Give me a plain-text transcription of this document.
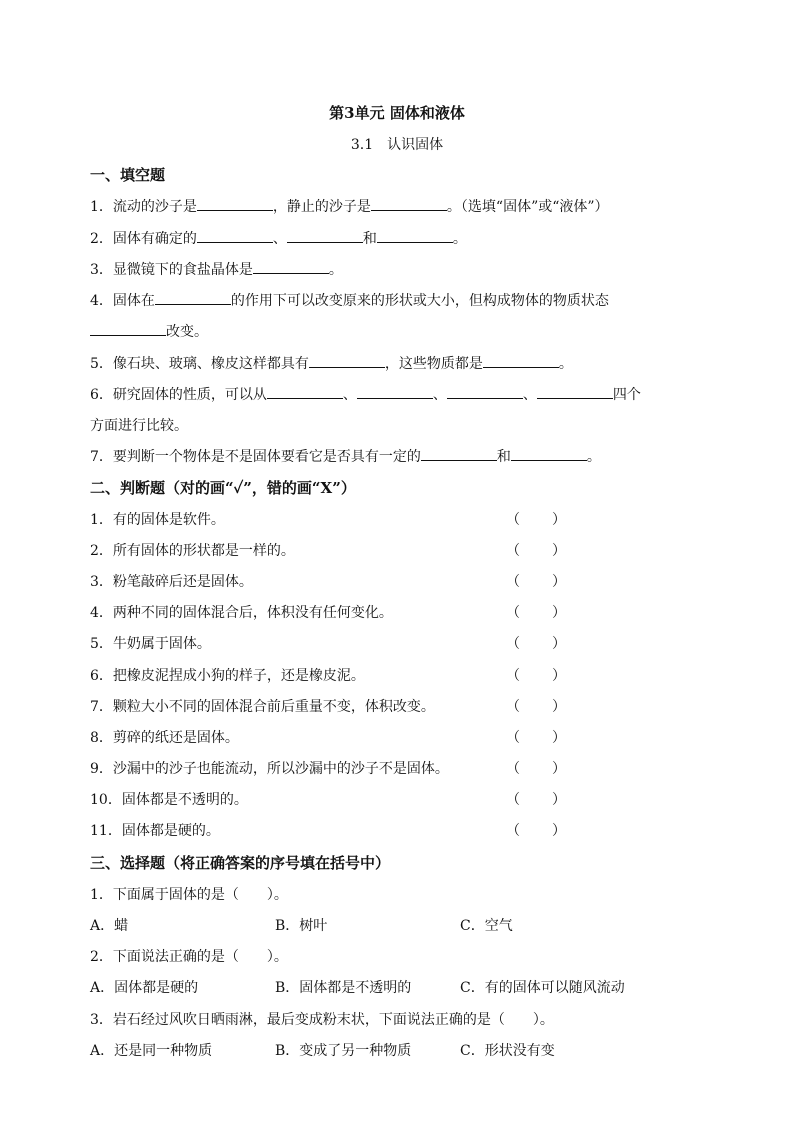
第3单元 固体和液体
3.1　认识固体
一、填空题
1．流动的沙子是	，静止的沙子是	。（选填“固体”或“液体”）
2．固体有确定的	、	和	。
3．显微镜下的食盐晶体是	。
4．固体在	的作用下可以改变原来的形状或大小，但构成物体的物质状态
改变。
5．像石块、玻璃、橡皮这样都具有	，这些物质都是	。
6．研究固体的性质，可以从	、	、	、	四个
方面进行比较。
7．要判断一个物体是不是固体要看它是否具有一定的	和	。
二、判断题（对的画“✓”，错的画“X”）
1．有的固体是软件。	（ ）
2．所有固体的形状都是一样的。	（ ）
3．粉笔敲碎后还是固体。	（ ）
4．两种不同的固体混合后，体积没有任何变化。	（ ）
5．牛奶属于固体。	（ ）
6．把橡皮泥捏成小狗的样子，还是橡皮泥。	（ ）
7．颗粒大小不同的固体混合前后重量不变，体积改变。	（ ）
8．剪碎的纸还是固体。	（ ）
9．沙漏中的沙子也能流动，所以沙漏中的沙子不是固体。	（ ）
10．固体都是不透明的。	（ ）
11．固体都是硬的。	（ ）
三、选择题（将正确答案的序号填在括号中）
1．下面属于固体的是（　　）。
A．蜡	B．树叶	C．空气
2．下面说法正确的是（　　）。
A．固体都是硬的	B．固体都是不透明的	C．有的固体可以随风流动
3．岩石经过风吹日晒雨淋，最后变成粉末状，下面说法正确的是（　　）。
A．还是同一种物质	B．变成了另一种物质	C．形状没有变
